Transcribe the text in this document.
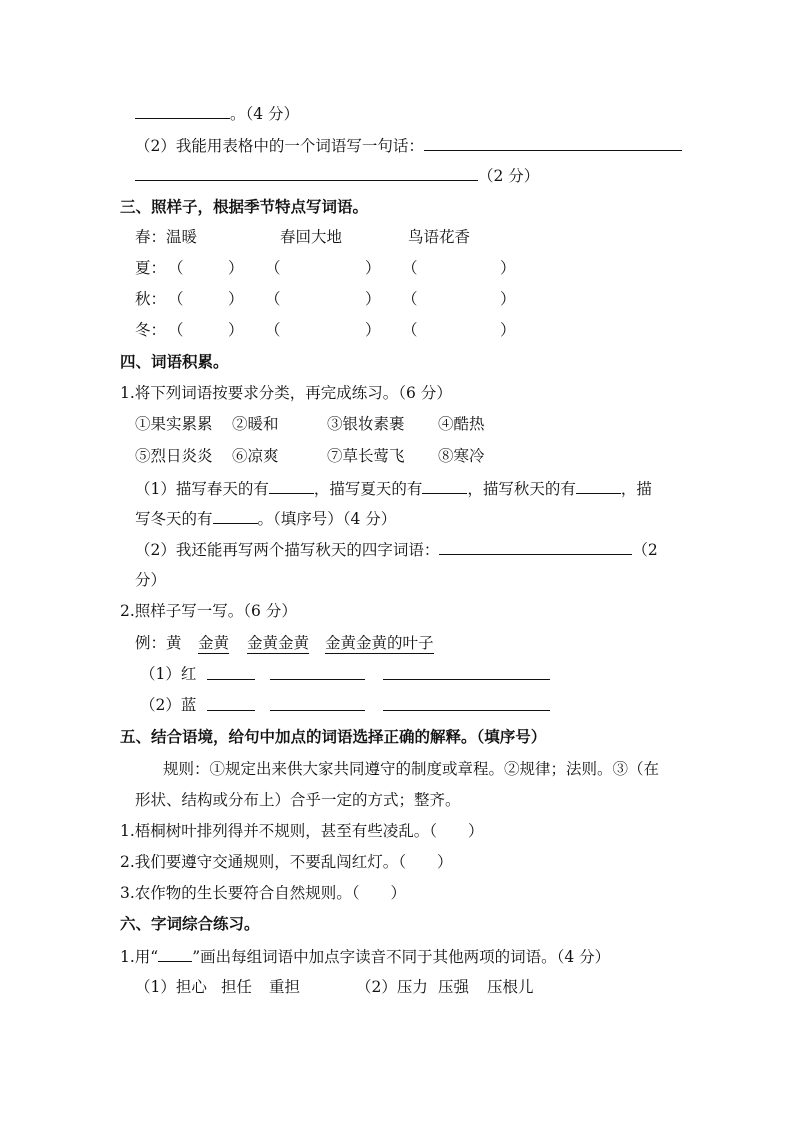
。（4 分）
（2）我能用表格中的一个词语写一句话：
（2 分）
三、照样子，根据季节特点写词语。
春：温暖	春回大地	鸟语花香
夏： （	） （	） （	）
秋： （	） （	） （	）
冬： （	） （	） （	）
四、词语积累。
1.将下列词语按要求分类，再完成练习。（6 分）
①果实累累 ②暖和	③银妆素裹 ④酷热
⑤烈日炎炎 ⑥凉爽	⑦草长莺飞 ⑧寒冷
（1）描写春天的有	，描写夏天的有	，描写秋天的有	，描
写冬天的有	。（填序号）（4 分）
（2）我还能再写两个描写秋天的四字词语：	（2
分）
2.照样子写一写。（6 分）
例：黄 金黄 金黄金黄 金黄金黄的叶子
（1）红
（2）蓝
五、结合语境，给句中加点的词语选择正确的解释。（填序号）
规则：①规定出来供大家共同遵守的制度或章程。②规律；法则。③（在
形状、结构或分布上）合乎一定的方式；整齐。
1.梧桐树叶排列得并不规则，甚至有些凌乱。（　　）
2.我们要遵守交通规则，不要乱闯红灯。（　　）
3.农作物的生长要符合自然规则。（　　）
六、字词综合练习。
1.用“ ”画出每组词语中加点字读音不同于其他两项的词语。（4 分）
（1）担心 担任 重担	（2）压力 压强 压根儿
